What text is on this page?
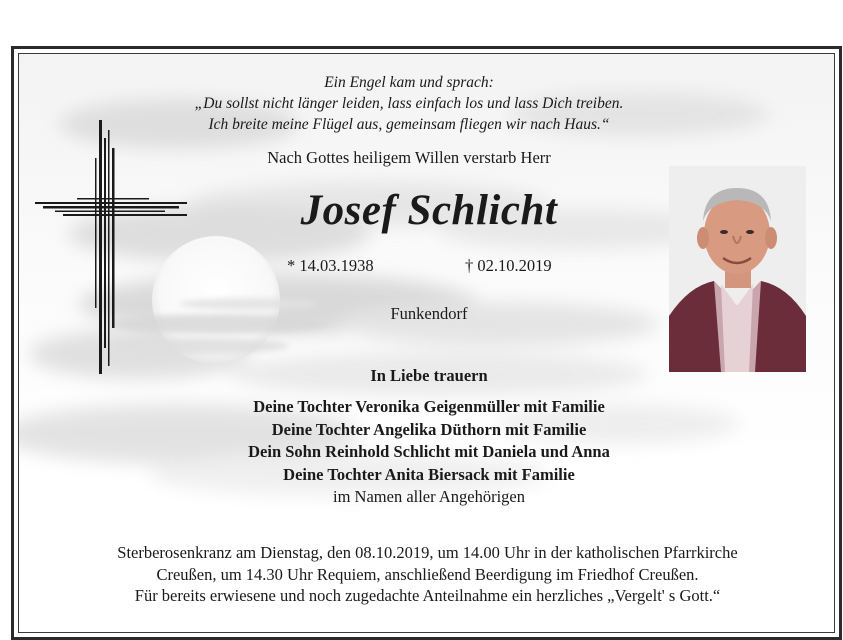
Ein Engel kam und sprach:
„Du sollst nicht länger leiden, lass einfach los und lass Dich treiben.
Ich breite meine Flügel aus, gemeinsam fliegen wir nach Haus.“
Nach Gottes heiligem Willen verstarb Herr
Josef Schlicht
* 14.03.1938	† 02.10.2019
Funkendorf
In Liebe trauern
Deine Tochter Veronika Geigenmüller mit Familie
Deine Tochter Angelika Düthorn mit Familie
Dein Sohn Reinhold Schlicht mit Daniela und Anna
Deine Tochter Anita Biersack mit Familie
im Namen aller Angehörigen
Sterberosenkranz am Dienstag, den 08.10.2019, um 14.00 Uhr in der katholischen Pfarrkirche
Creußen, um 14.30 Uhr Requiem, anschließend Beerdigung im Friedhof Creußen.
Für bereits erwiesene und noch zugedachte Anteilnahme ein herzliches „Vergelt' s Gott.“
